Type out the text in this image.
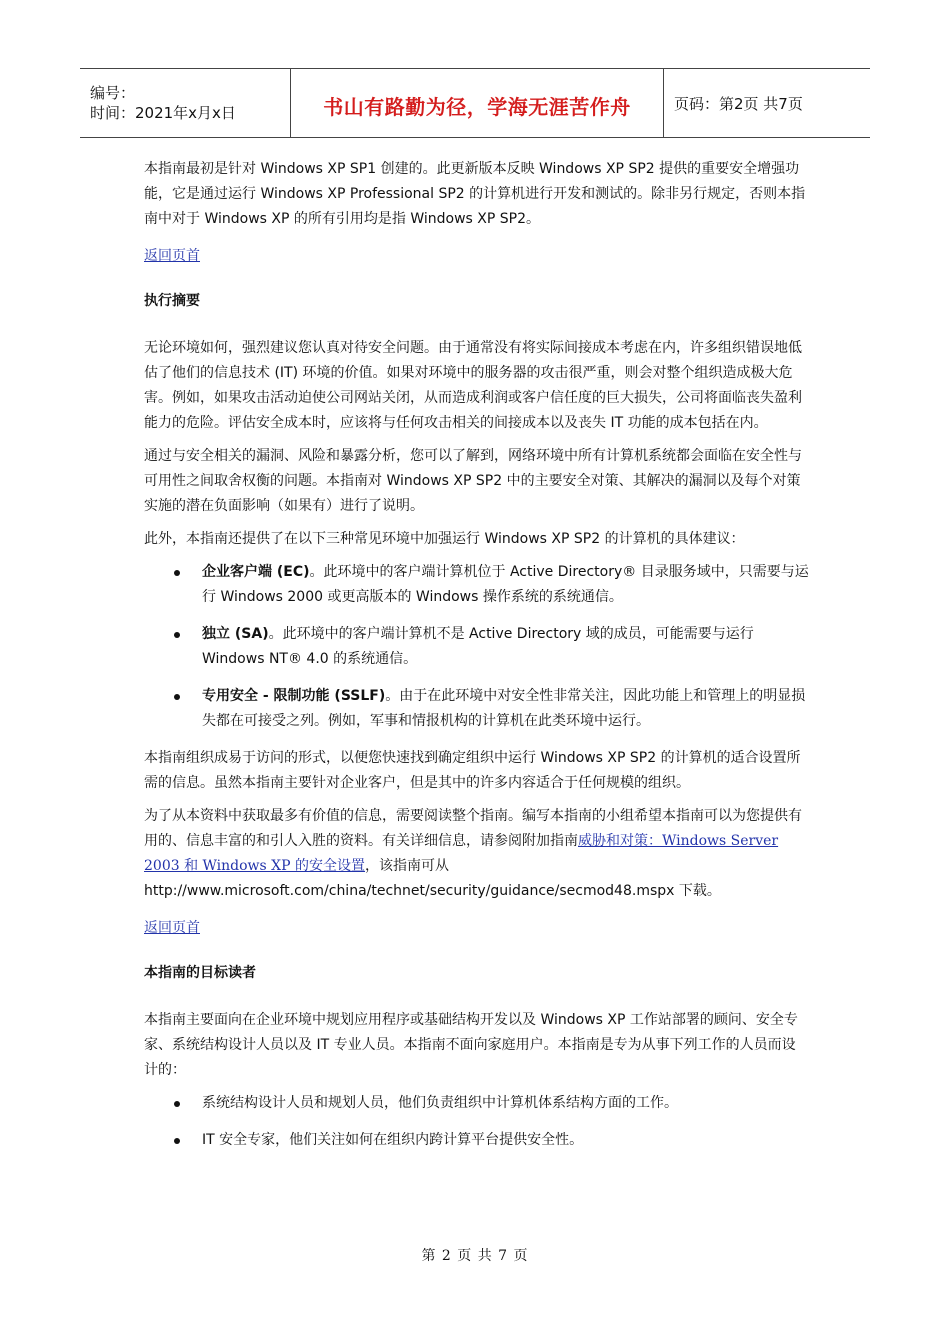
编号：
时间：2021年x月x日	书山有路勤为径，学海无涯苦作舟	页码：第2页 共7页

本指南最初是针对 Windows XP SP1 创建的。此更新版本反映 Windows XP SP2 提供的重要安全增强功能，它是通过运行 Windows XP Professional SP2 的计算机进行开发和测试的。除非另行规定，否则本指南中对于 Windows XP 的所有引用均是指 Windows XP SP2。

返回页首

执行摘要

无论环境如何，强烈建议您认真对待安全问题。由于通常没有将实际间接成本考虑在内，许多组织错误地低估了他们的信息技术 (IT) 环境的价值。如果对环境中的服务器的攻击很严重，则会对整个组织造成极大危害。例如，如果攻击活动迫使公司网站关闭，从而造成利润或客户信任度的巨大损失，公司将面临丧失盈利能力的危险。评估安全成本时，应该将与任何攻击相关的间接成本以及丧失 IT 功能的成本包括在内。

通过与安全相关的漏洞、风险和暴露分析，您可以了解到，网络环境中所有计算机系统都会面临在安全性与可用性之间取舍权衡的问题。本指南对 Windows XP SP2 中的主要安全对策、其解决的漏洞以及每个对策实施的潜在负面影响（如果有）进行了说明。

此外，本指南还提供了在以下三种常见环境中加强运行 Windows XP SP2 的计算机的具体建议：

企业客户端 (EC)。此环境中的客户端计算机位于 Active Directory® 目录服务域中，只需要与运行 Windows 2000 或更高版本的 Windows 操作系统的系统通信。
独立 (SA)。此环境中的客户端计算机不是 Active Directory 域的成员，可能需要与运行 Windows NT® 4.0 的系统通信。
专用安全 - 限制功能 (SSLF)。由于在此环境中对安全性非常关注，因此功能上和管理上的明显损失都在可接受之列。例如，军事和情报机构的计算机在此类环境中运行。

本指南组织成易于访问的形式，以便您快速找到确定组织中运行 Windows XP SP2 的计算机的适合设置所需的信息。虽然本指南主要针对企业客户，但是其中的许多内容适合于任何规模的组织。

为了从本资料中获取最多有价值的信息，需要阅读整个指南。编写本指南的小组希望本指南可以为您提供有用的、信息丰富的和引人入胜的资料。有关详细信息，请参阅附加指南威胁和对策：Windows Server 2003 和 Windows XP 的安全设置，该指南可从 http://www.microsoft.com/china/technet/security/guidance/secmod48.mspx 下载。

返回页首

本指南的目标读者

本指南主要面向在企业环境中规划应用程序或基础结构开发以及 Windows XP 工作站部署的顾问、安全专家、系统结构设计人员以及 IT 专业人员。本指南不面向家庭用户。本指南是专为从事下列工作的人员而设计的：

系统结构设计人员和规划人员，他们负责组织中计算机体系结构方面的工作。
IT 安全专家，他们关注如何在组织内跨计算平台提供安全性。
第 2 页 共 7 页
